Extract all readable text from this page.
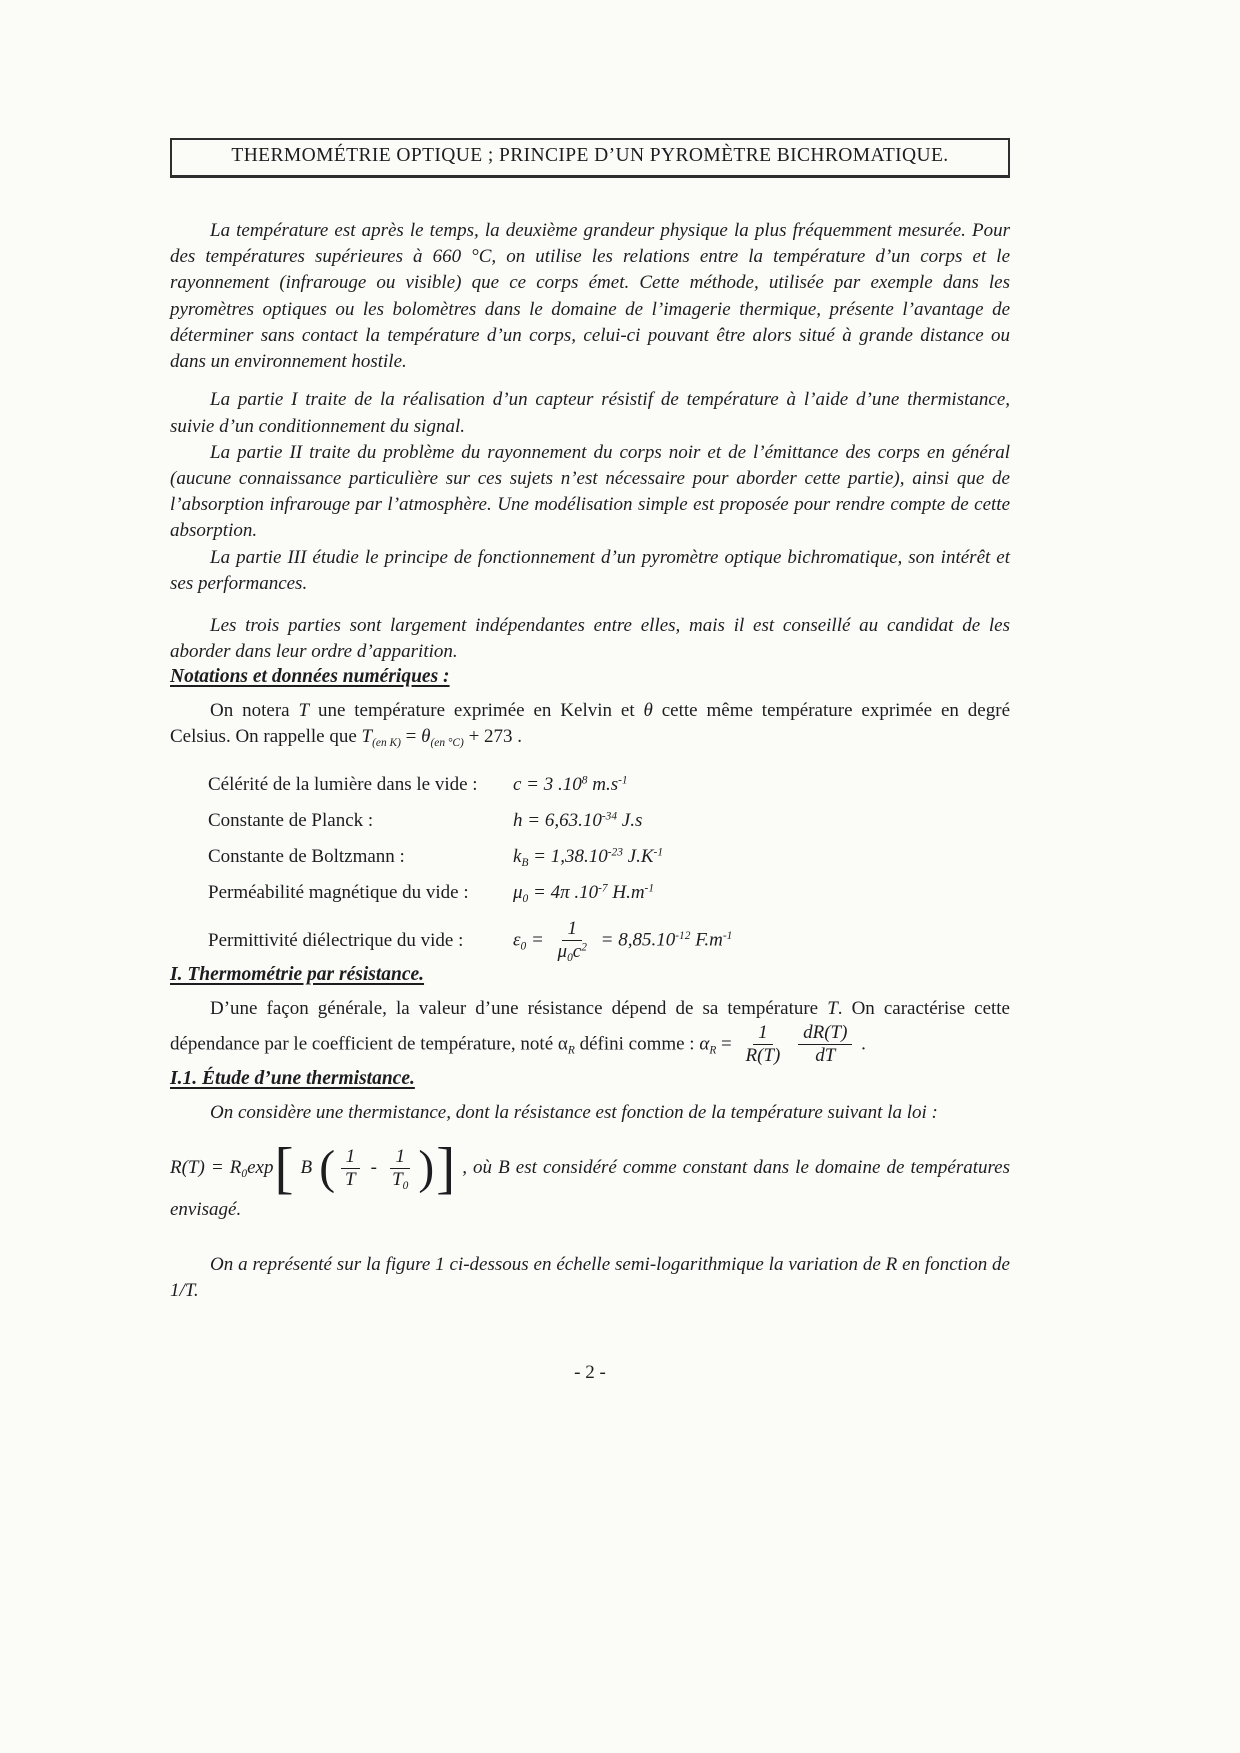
THERMOMÉTRIE OPTIQUE ; PRINCIPE D’UN PYROMÈTRE BICHROMATIQUE.

La température est après le temps, la deuxième grandeur physique la plus fréquemment mesurée. Pour des températures supérieures à 660 °C, on utilise les relations entre la température d’un corps et le rayonnement (infrarouge ou visible) que ce corps émet. Cette méthode, utilisée par exemple dans les pyromètres optiques ou les bolomètres dans le domaine de l’imagerie thermique, présente l’avantage de déterminer sans contact la température d’un corps, celui-ci pouvant être alors situé à grande distance ou dans un environnement hostile.

La partie I traite de la réalisation d’un capteur résistif de température à l’aide d’une thermistance, suivie d’un conditionnement du signal.

La partie II traite du problème du rayonnement du corps noir et de l’émittance des corps en général (aucune connaissance particulière sur ces sujets n’est nécessaire pour aborder cette partie), ainsi que de l’absorption infrarouge par l’atmosphère. Une modélisation simple est proposée pour rendre compte de cette absorption.

La partie III étudie le principe de fonctionnement d’un pyromètre optique bichromatique, son intérêt et ses performances.

Les trois parties sont largement indépendantes entre elles, mais il est conseillé au candidat de les aborder dans leur ordre d’apparition.

Notations et données numériques :

On notera T une température exprimée en Kelvin et θ cette même température exprimée en degré Celsius. On rappelle que $T_{(en K)} = \theta_{(en ^\circ C)} + 273$ .

Célérité de la lumière dans le vide :	c = 3 $.10^8$ $m.s^{-1}$
Constante de Planck :	$h = 6,63.10^{-34}$ J.s
Constante de Boltzmann :	$k_B = 1,38.10^{-23}$ $J.K^{-1}$
Perméabilité magnétique du vide :	$\mu_0 = 4\pi$ $.10^{-7}$ $H.m^{-1}$
Permittivité diélectrique du vide :	$\varepsilon_0 = \frac{1}{\mu_0c^2} = 8,85.10^{-12}$ $F.m^{-1}$
I. Thermométrie par résistance.

D’une façon générale, la valeur d’une résistance dépend de sa température T. On caractérise cette dépendance par le coefficient de température, noté $\alpha_R$ défini comme : $\alpha_R = \frac{1}{R(T)}$
$\frac{dR(T)}{dT}$ .

I.1. Étude d’une thermistance.

On considère une thermistance, dont la résistance est fonction de la température suivant la loi :

$R(T) = R_0\exp$[ B ( $\frac{1}{T} - \frac{1}{T_0}$ )] , où B est considéré comme constant dans le domaine de températures envisagé.

On a représenté sur la figure 1 ci-dessous en échelle semi-logarithmique la variation de R en fonction de 1/T.

- 2 -
